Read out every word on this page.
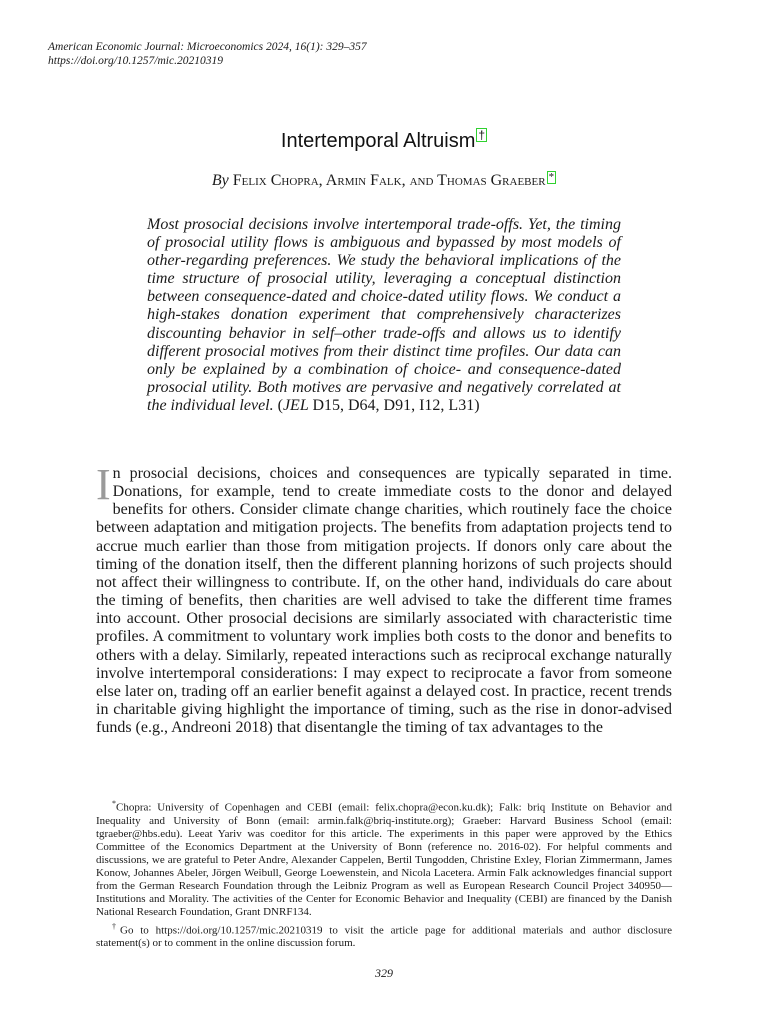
American Economic Journal: Microeconomics 2024, 16(1): 329–357
https://doi.org/10.1257/mic.20210319
Intertemporal Altruism †
By Felix Chopra, Armin Falk, and Thomas Graeber *
Most prosocial decisions involve intertemporal trade-offs. Yet, the timing of prosocial utility flows is ambiguous and bypassed by most models of other-regarding preferences. We study the behavioral implications of the time structure of prosocial utility, leveraging a conceptual distinction between consequence-dated and choice-dated utility flows. We conduct a high-stakes donation experiment that comprehensively characterizes discounting behavior in self–other trade-offs and allows us to identify different prosocial motives from their distinct time profiles. Our data can only be explained by a combination of choice- and consequence-dated prosocial utility. Both motives are pervasive and negatively correlated at the individual level. (JEL D15, D64, D91, I12, L31)
In prosocial decisions, choices and consequences are typically separated in time. Donations, for example, tend to create immediate costs to the donor and delayed benefits for others. Consider climate change charities, which routinely face the choice between adaptation and mitigation projects. The benefits from adaptation projects tend to accrue much earlier than those from mitigation projects. If donors only care about the timing of the donation itself, then the different planning horizons of such projects should not affect their willingness to contribute. If, on the other hand, individuals do care about the timing of benefits, then charities are well advised to take the different time frames into account. Other prosocial decisions are similarly associated with characteristic time profiles. A commitment to voluntary work implies both costs to the donor and benefits to others with a delay. Similarly, repeated interactions such as reciprocal exchange naturally involve intertemporal considerations: I may expect to reciprocate a favor from someone else later on, trading off an earlier benefit against a delayed cost. In practice, recent trends in charitable giving highlight the importance of timing, such as the rise in donor-advised funds (e.g., Andreoni 2018) that disentangle the timing of tax advantages to the

*Chopra: University of Copenhagen and CEBI (email: felix.chopra@econ.ku.dk); Falk: briq Institute on Behavior and Inequality and University of Bonn (email: armin.falk@briq-institute.org); Graeber: Harvard Business School (email: tgraeber@hbs.edu). Leeat Yariv was coeditor for this article. The experiments in this paper were approved by the Ethics Committee of the Economics Department at the University of Bonn (reference no. 2016-02). For helpful comments and discussions, we are grateful to Peter Andre, Alexander Cappelen, Bertil Tungodden, Christine Exley, Florian Zimmermann, James Konow, Johannes Abeler, Jörgen Weibull, George Loewenstein, and Nicola Lacetera. Armin Falk acknowledges financial support from the German Research Foundation through the Leibniz Program as well as European Research Council Project 340950—Institutions and Morality. The activities of the Center for Economic Behavior and Inequality (CEBI) are financed by the Danish National Research Foundation, Grant DNRF134.

†Go to https://doi.org/10.1257/mic.20210319 to visit the article page for additional materials and author disclosure statement(s) or to comment in the online discussion forum.

329
